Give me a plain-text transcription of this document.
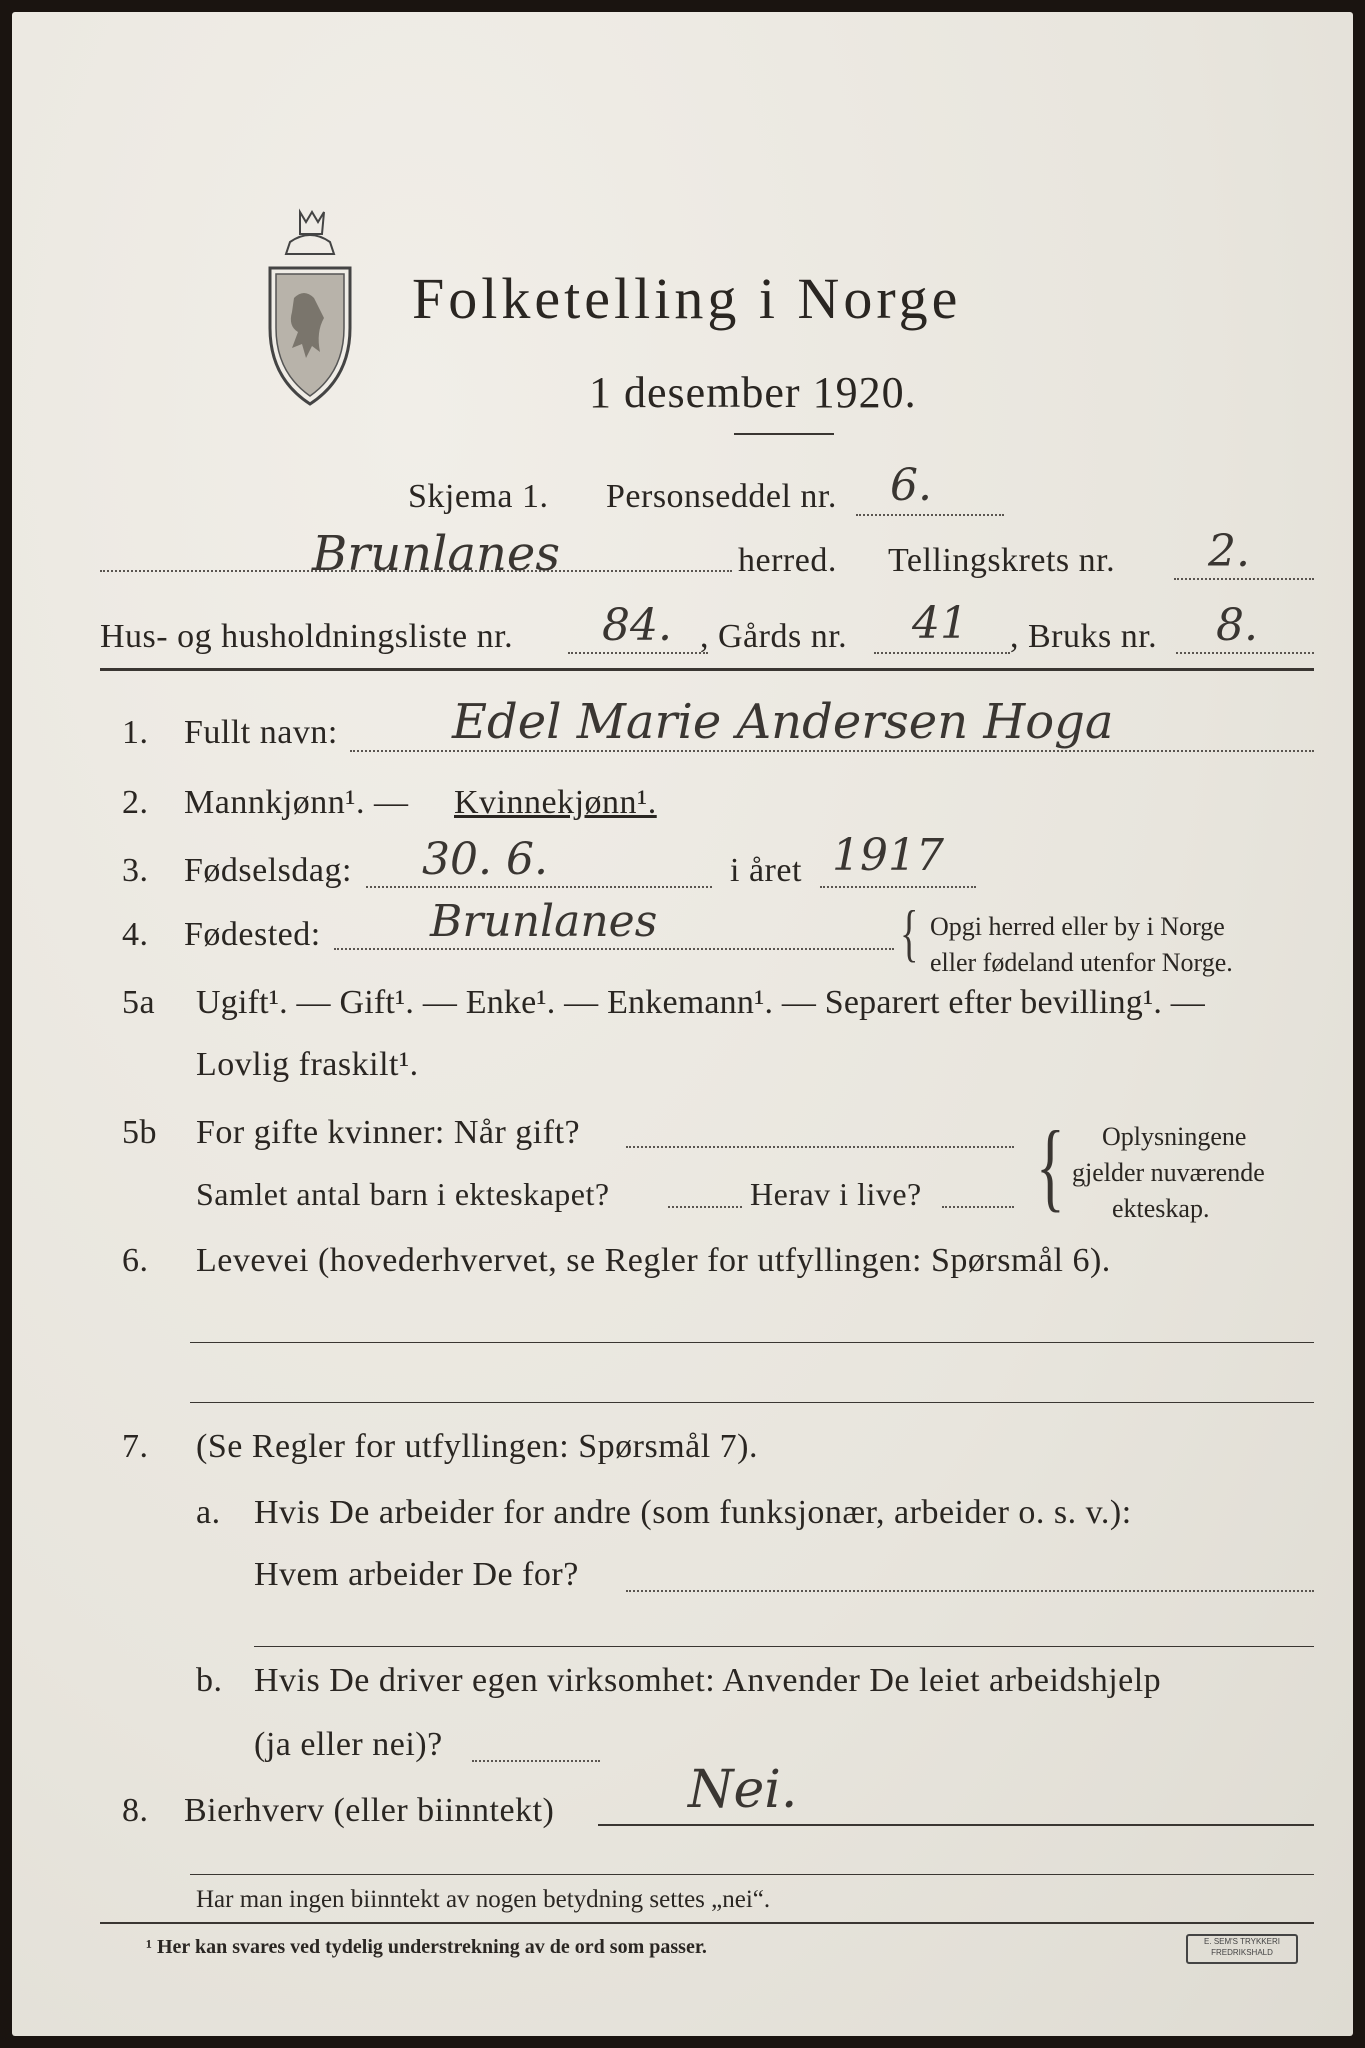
Folketelling i Norge
1 desember 1920.
Skjema 1. Personseddel nr. 6.
Brunlanes	herred. Tellingskrets nr. 2.
Hus- og husholdningsliste nr. 84. , Gårds nr. 41 , Bruks nr. 8.
1. Fullt navn: Edel Marie Andersen Hoga
2. Mannkjønn¹. — Kvinnekjønn¹.
3. Fødselsdag: 30. 6.	i året 1917
4. Fødested: Brunlanes	{ Opgi herred eller by i Norge
eller fødeland utenfor Norge.
5a Ugift¹. — Gift¹. — Enke¹. — Enkemann¹. — Separert efter bevilling¹. —
Lovlig fraskilt¹.
5b For gifte kvinner: Når gift?
Samlet antal barn i ekteskapet?	Herav i live? { Oplysningene
gjelder nuværende
ekteskap.
6. Levevei (hovederhvervet, se Regler for utfyllingen: Spørsmål 6).
7. (Se Regler for utfyllingen: Spørsmål 7).
a. Hvis De arbeider for andre (som funksjonær, arbeider o. s. v.):
Hvem arbeider De for?
b. Hvis De driver egen virksomhet: Anvender De leiet arbeidshjelp
(ja eller nei)?
8. Bierhverv (eller biinntekt)	Nei.
Har man ingen biinntekt av nogen betydning settes „nei“.
¹ Her kan svares ved tydelig understrekning av de ord som passer.	E. SEM'S TRYKKERI FREDRIKSHALD
